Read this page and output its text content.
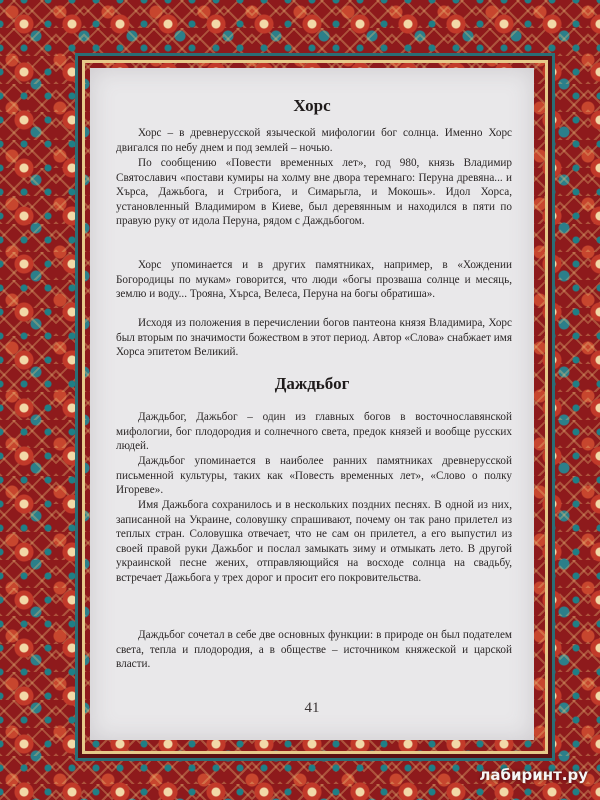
Хорс

Хорс – в древнерусской языческой мифологии бог солнца. Именно Хорс двигался по небу днем и под землей – ночью.

По сообщению «Повести временных лет», год 980, князь Владимир Святославич «постави кумиры на холму вне двора теремнаго: Перуна древяна... и Хърса, Дажьбога, и Стрибога, и Симарьгла, и Мокошь». Идол Хорса, установленный Владимиром в Киеве, был деревянным и находился в пяти по правую руку от идола Перуна, рядом с Даждьбогом.

Хорс упоминается и в других памятниках, например, в «Хождении Богородицы по мукам» говорится, что люди «богы прозваша солнце и месяць, землю и воду... Трояна, Хърса, Велеса, Перуна на богы обратиша».

Исходя из положения в перечислении богов пантеона князя Владимира, Хорс был вторым по значимости божеством в этот период. Автор «Слова» снабжает имя Хорса эпитетом Великий.

Даждьбог

Даждьбог, Дажьбог – один из главных богов в восточнославянской мифологии, бог плодородия и солнечного света, предок князей и вообще русских людей.

Даждьбог упоминается в наиболее ранних памятниках древнерусской письменной культуры, таких как «Повесть временных лет», «Слово о полку Игореве».

Имя Дажьбога сохранилось и в нескольких поздних песнях. В одной из них, записанной на Украине, соловушку спрашивают, почему он так рано прилетел из теплых стран. Соловушка отвечает, что не сам он прилетел, а его выпустил из своей правой руки Дажьбог и послал замыкать зиму и отмыкать лето. В другой украинской песне жених, отправляющийся на восходе солнца на свадьбу, встречает Дажьбога у трех дорог и просит его покровительства.

Даждьбог сочетал в себе две основных функции: в природе он был подателем света, тепла и плодородия, а в обществе – источником княжеской и царской власти.

41
лабиринт.ру
